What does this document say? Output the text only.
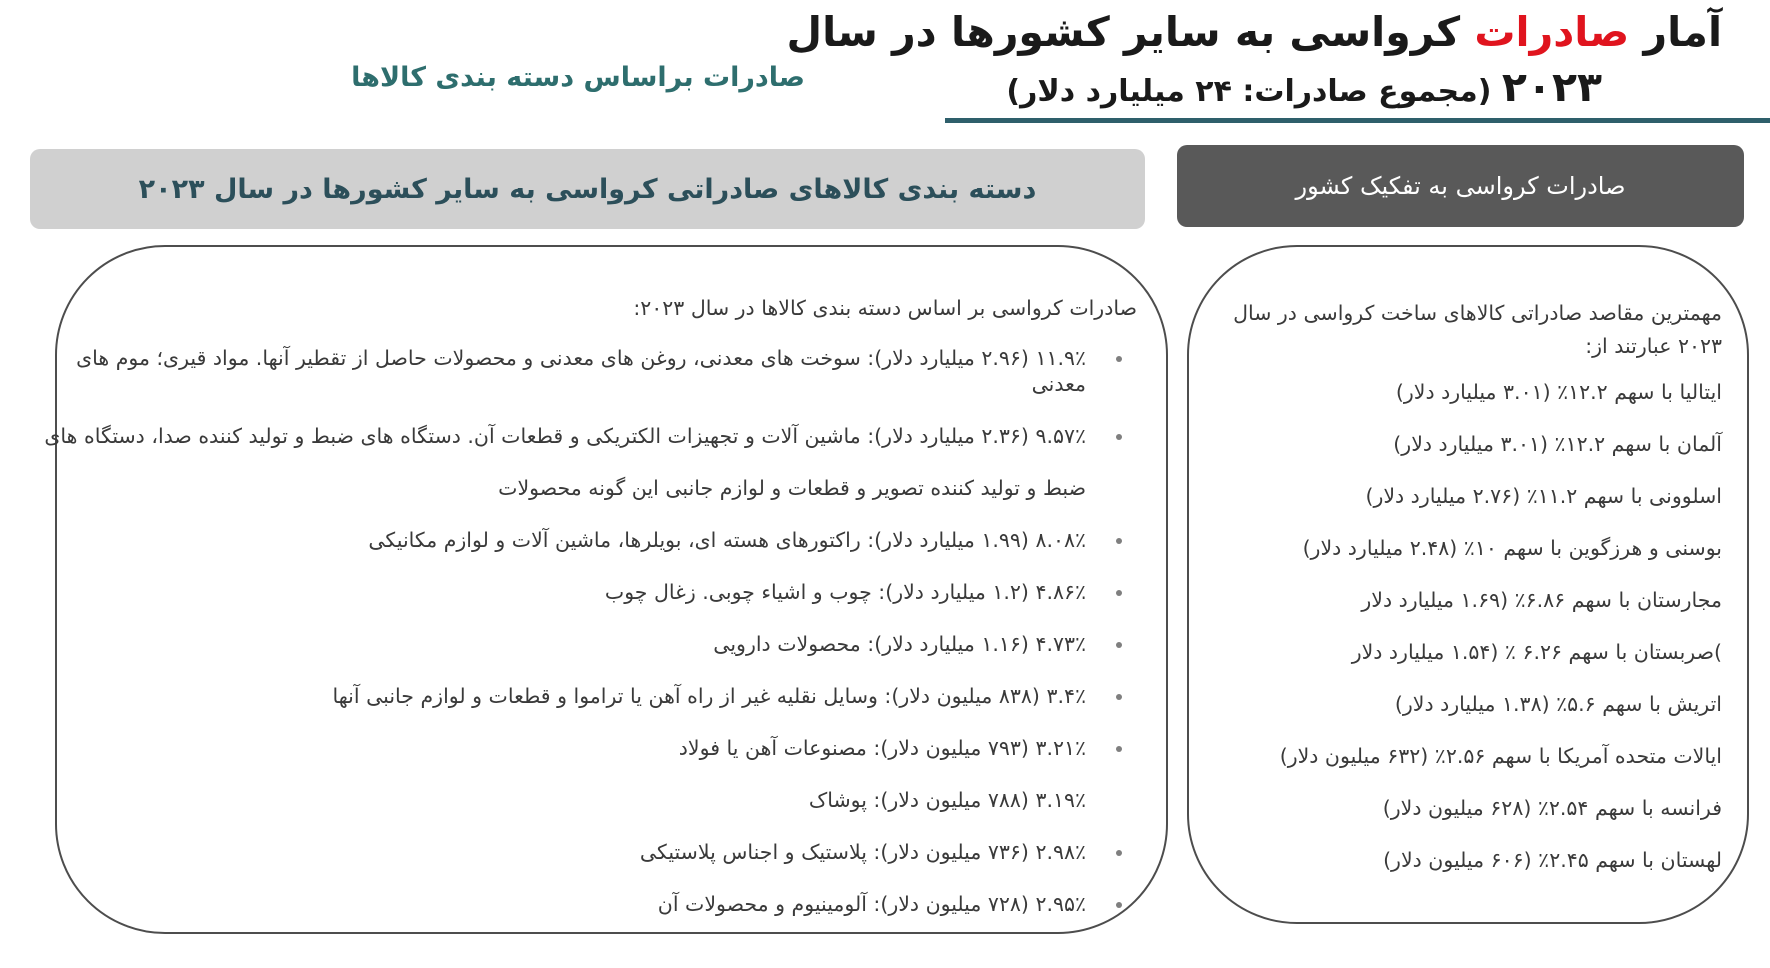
آمار صادرات کرواسی به سایر کشورها در سال
۲۰۲۳ (مجموع صادرات: ۲۴ میلیارد دلار)
صادرات براساس دسته بندی کالاها
صادرات کرواسی به تفکیک کشور
دسته بندی کالاهای صادراتی کرواسی به سایر کشورها در سال ۲۰۲۳
صادرات کرواسی بر اساس دسته بندی کالاها در سال ۲۰۲۳:
۱۱.۹٪ (۲.۹۶ میلیارد دلار): سوخت های معدنی، روغن های معدنی و محصولات حاصل از تقطیر آنها. مواد قیری؛ موم های معدنی
۹.۵۷٪ (۲.۳۶ میلیارد دلار): ماشین آلات و تجهیزات الکتریکی و قطعات آن. دستگاه های ضبط و تولید کننده صدا، دستگاه های ضبط و تولید کننده تصویر و قطعات و لوازم جانبی این گونه محصولات
۸.۰۸٪ (۱.۹۹ میلیارد دلار): راکتورهای هسته ای، بویلرها، ماشین آلات و لوازم مکانیکی
۴.۸۶٪ (۱.۲ میلیارد دلار): چوب و اشیاء چوبی. زغال چوب
۴.۷۳٪ (۱.۱۶ میلیارد دلار): محصولات دارویی
۳.۴٪ (۸۳۸ میلیون دلار): وسایل نقلیه غیر از راه آهن یا تراموا و قطعات و لوازم جانبی آنها
۳.۲۱٪ (۷۹۳ میلیون دلار): مصنوعات آهن یا فولاد
۳.۱۹٪ (۷۸۸ میلیون دلار): پوشاک
۲.۹۸٪ (۷۳۶ میلیون دلار): پلاستیک و اجناس پلاستیکی
۲.۹۵٪ (۷۲۸ میلیون دلار): آلومینیوم و محصولات آن
مهمترین مقاصد صادراتی کالاهای ساخت کرواسی در سال ۲۰۲۳ عبارتند از:
ایتالیا با سهم ۱۲.۲٪ (۳.۰۱ میلیارد دلار)
آلمان با سهم ۱۲.۲٪ (۳.۰۱ میلیارد دلار)
اسلوونی با سهم ۱۱.۲٪ (۲.۷۶ میلیارد دلار)
بوسنی و هرزگوین با سهم ۱۰٪ (۲.۴۸ میلیارد دلار)
مجارستان با سهم ۶.۸۶٪ (۱.۶۹ میلیارد دلار
)صربستان با سهم ۶.۲۶ ٪ (۱.۵۴ میلیارد دلار
اتریش با سهم ۵.۶٪ (۱.۳۸ میلیارد دلار)
ایالات متحده آمریکا با سهم ۲.۵۶٪ (۶۳۲ میلیون دلار)
فرانسه با سهم ۲.۵۴٪ (۶۲۸ میلیون دلار)
لهستان با سهم ۲.۴۵٪ (۶۰۶ میلیون دلار)
